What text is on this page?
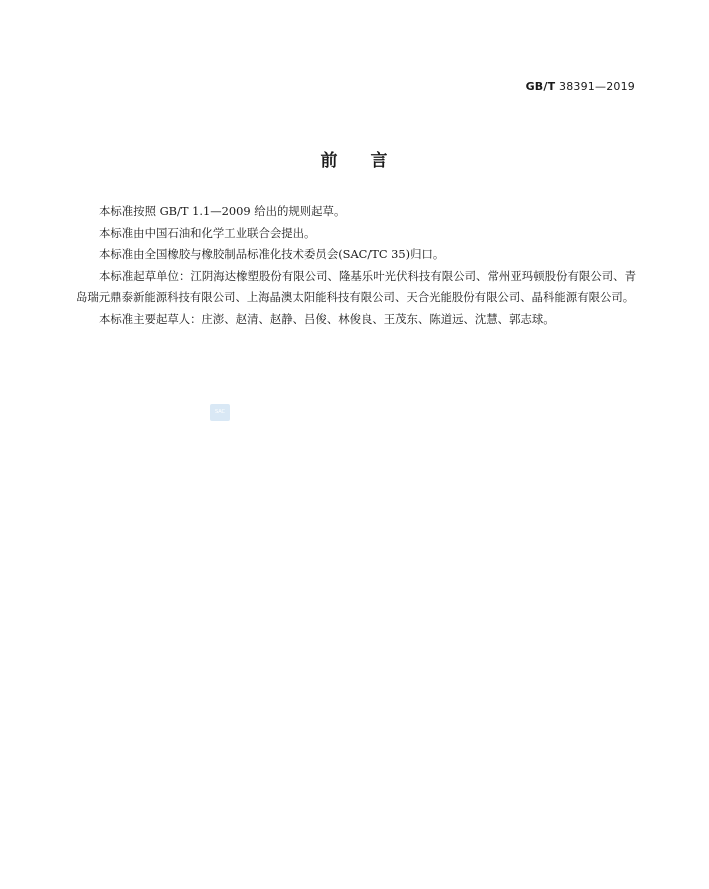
GB/T 38391—2019
前 言

本标准按照 GB/T 1.1—2009 给出的规则起草。

本标准由中国石油和化学工业联合会提出。

本标准由全国橡胶与橡胶制品标准化技术委员会(SAC/TC 35)归口。

本标准起草单位：江阴海达橡塑股份有限公司、隆基乐叶光伏科技有限公司、常州亚玛顿股份有限公司、青岛瑞元鼎泰新能源科技有限公司、上海晶澳太阳能科技有限公司、天合光能股份有限公司、晶科能源有限公司。

本标准主要起草人：庄澎、赵清、赵静、吕俊、林俊良、王茂东、陈道远、沈慧、郭志球。

SAC
